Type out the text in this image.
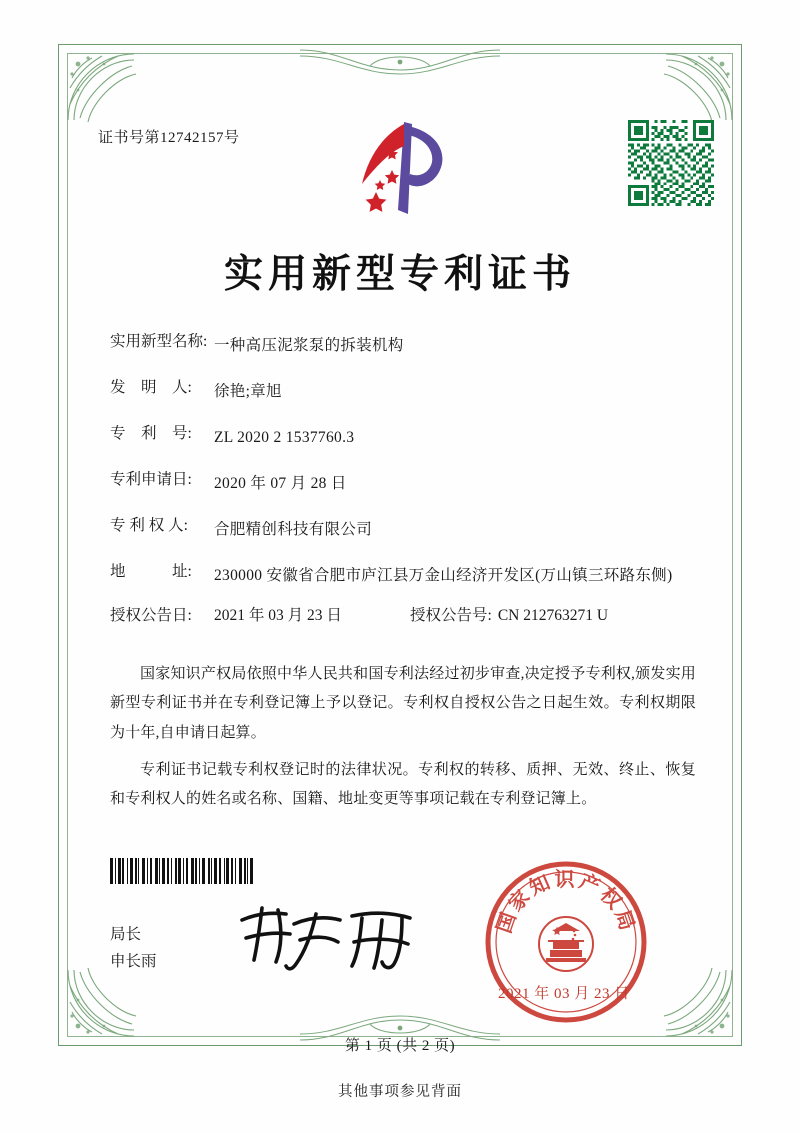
证书号第12742157号
实用新型专利证书
实用新型名称: 一种高压泥浆泵的拆装机构
发　明　人:	徐艳;章旭
专　利　号:	ZL 2020 2 1537760.3
专利申请日:	2020 年 07 月 28 日
专 利 权 人:	合肥精创科技有限公司
地　　　址:	230000 安徽省合肥市庐江县万金山经济开发区(万山镇三环路东侧)
授权公告日:	2021 年 03 月 23 日	授权公告号: CN 212763271 U

国家知识产权局依照中华人民共和国专利法经过初步审查,决定授予专利权,颁发实用新型专利证书并在专利登记簿上予以登记。专利权自授权公告之日起生效。专利权期限为十年,自申请日起算。

专利证书记载专利权登记时的法律状况。专利权的转移、质押、无效、终止、恢复和专利权人的姓名或名称、国籍、地址变更等事项记载在专利登记簿上。

局长
申长雨
国家知识产权局
2021 年 03 月 23 日
第 1 页 (共 2 页)
其他事项参见背面
